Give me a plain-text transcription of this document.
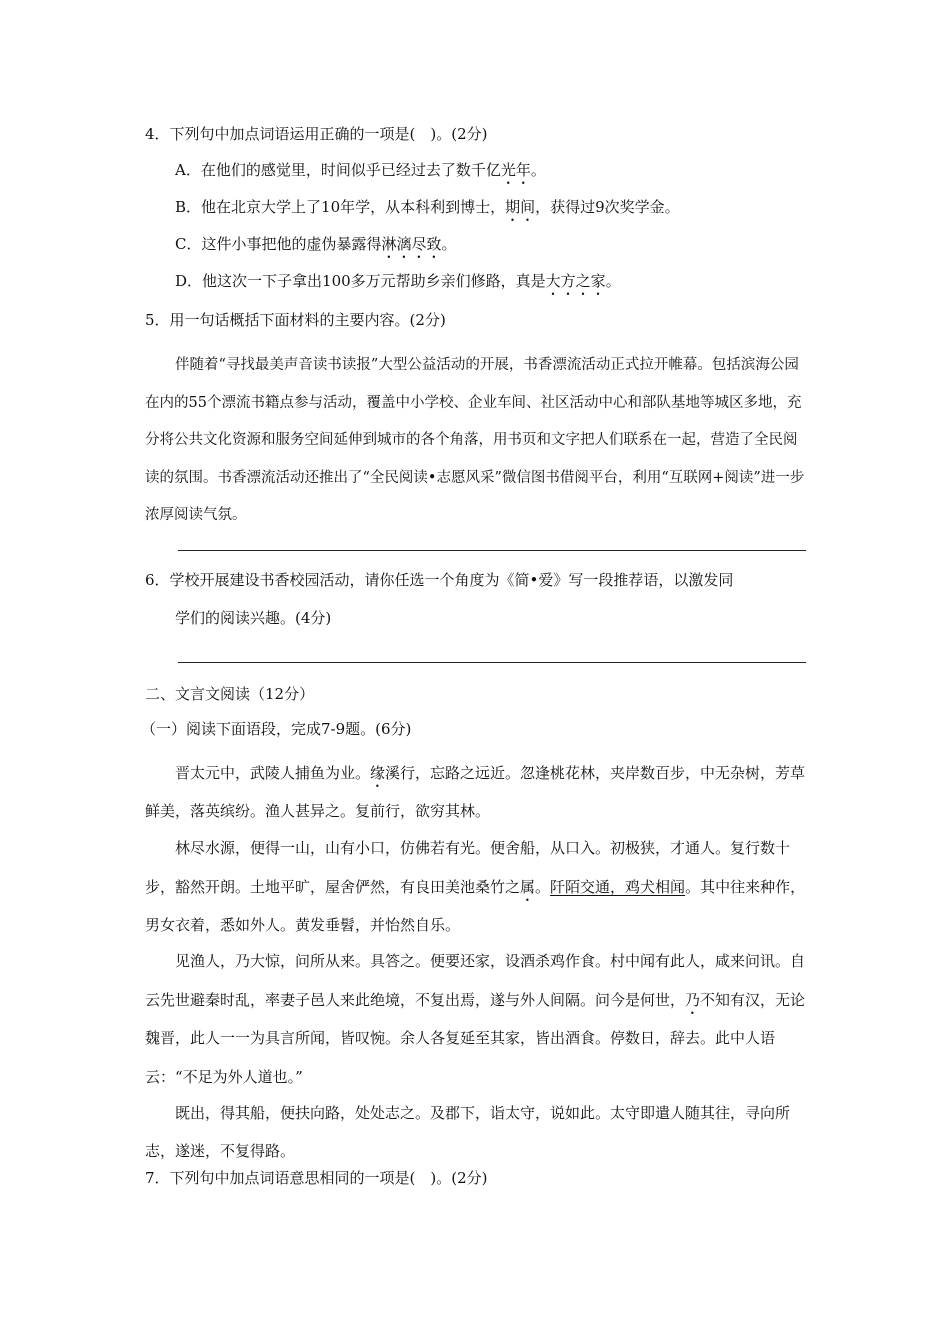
4．下列句中加点词语运用正确的一项是(　)。(2分)
A．在他们的感觉里，时间似乎已经过去了数千亿光年。
B．他在北京大学上了10年学，从本科利到博士，期间，获得过9次奖学金。
C．这件小事把他的虚伪暴露得淋漓尽致。
D．他这次一下子拿出100多万元帮助乡亲们修路，真是大方之家。
5．用一句话概括下面材料的主要内容。(2分)
伴随着“寻找最美声音读书读报”大型公益活动的开展，书香漂流活动正式拉开帷幕。包括滨海公园在内的55个漂流书籍点参与活动，覆盖中小学校、企业车间、社区活动中心和部队基地等城区多地，充分将公共文化资源和服务空间延伸到城市的各个角落，用书页和文字把人们联系在一起，营造了全民阅读的氛围。书香漂流活动还推出了“全民阅读•志愿风采”微信图书借阅平台，利用“互联网+阅读”进一步浓厚阅读气氛。
6．学校开展建设书香校园活动，请你任选一个角度为《简•爱》写一段推荐语，以激发同
学们的阅读兴趣。(4分)
二、文言文阅读（12分）
（一）阅读下面语段，完成7-9题。(6分)
晋太元中，武陵人捕鱼为业。缘溪行，忘路之远近。忽逢桃花林，夹岸数百步，中无杂树，芳草鲜美，落英缤纷。渔人甚异之。复前行，欲穷其林。
林尽水源，便得一山，山有小口，仿佛若有光。便舍船，从口入。初极狭，才通人。复行数十步，豁然开朗。土地平旷，屋舍俨然，有良田美池桑竹之属。阡陌交通，鸡犬相闻。其中往来种作，男女衣着，悉如外人。黄发垂髫，并怡然自乐。
见渔人，乃大惊，问所从来。具答之。便要还家，设酒杀鸡作食。村中闻有此人，咸来问讯。自云先世避秦时乱，率妻子邑人来此绝境，不复出焉，遂与外人间隔。问今是何世，乃不知有汉，无论魏晋，此人一一为具言所闻，皆叹惋。余人各复延至其家，皆出酒食。停数日，辞去。此中人语云：“不足为外人道也。”
既出，得其船，便扶向路，处处志之。及郡下，诣太守，说如此。太守即遣人随其往，寻向所志，遂迷，不复得路。
7．下列句中加点词语意思相同的一项是(　)。(2分)
